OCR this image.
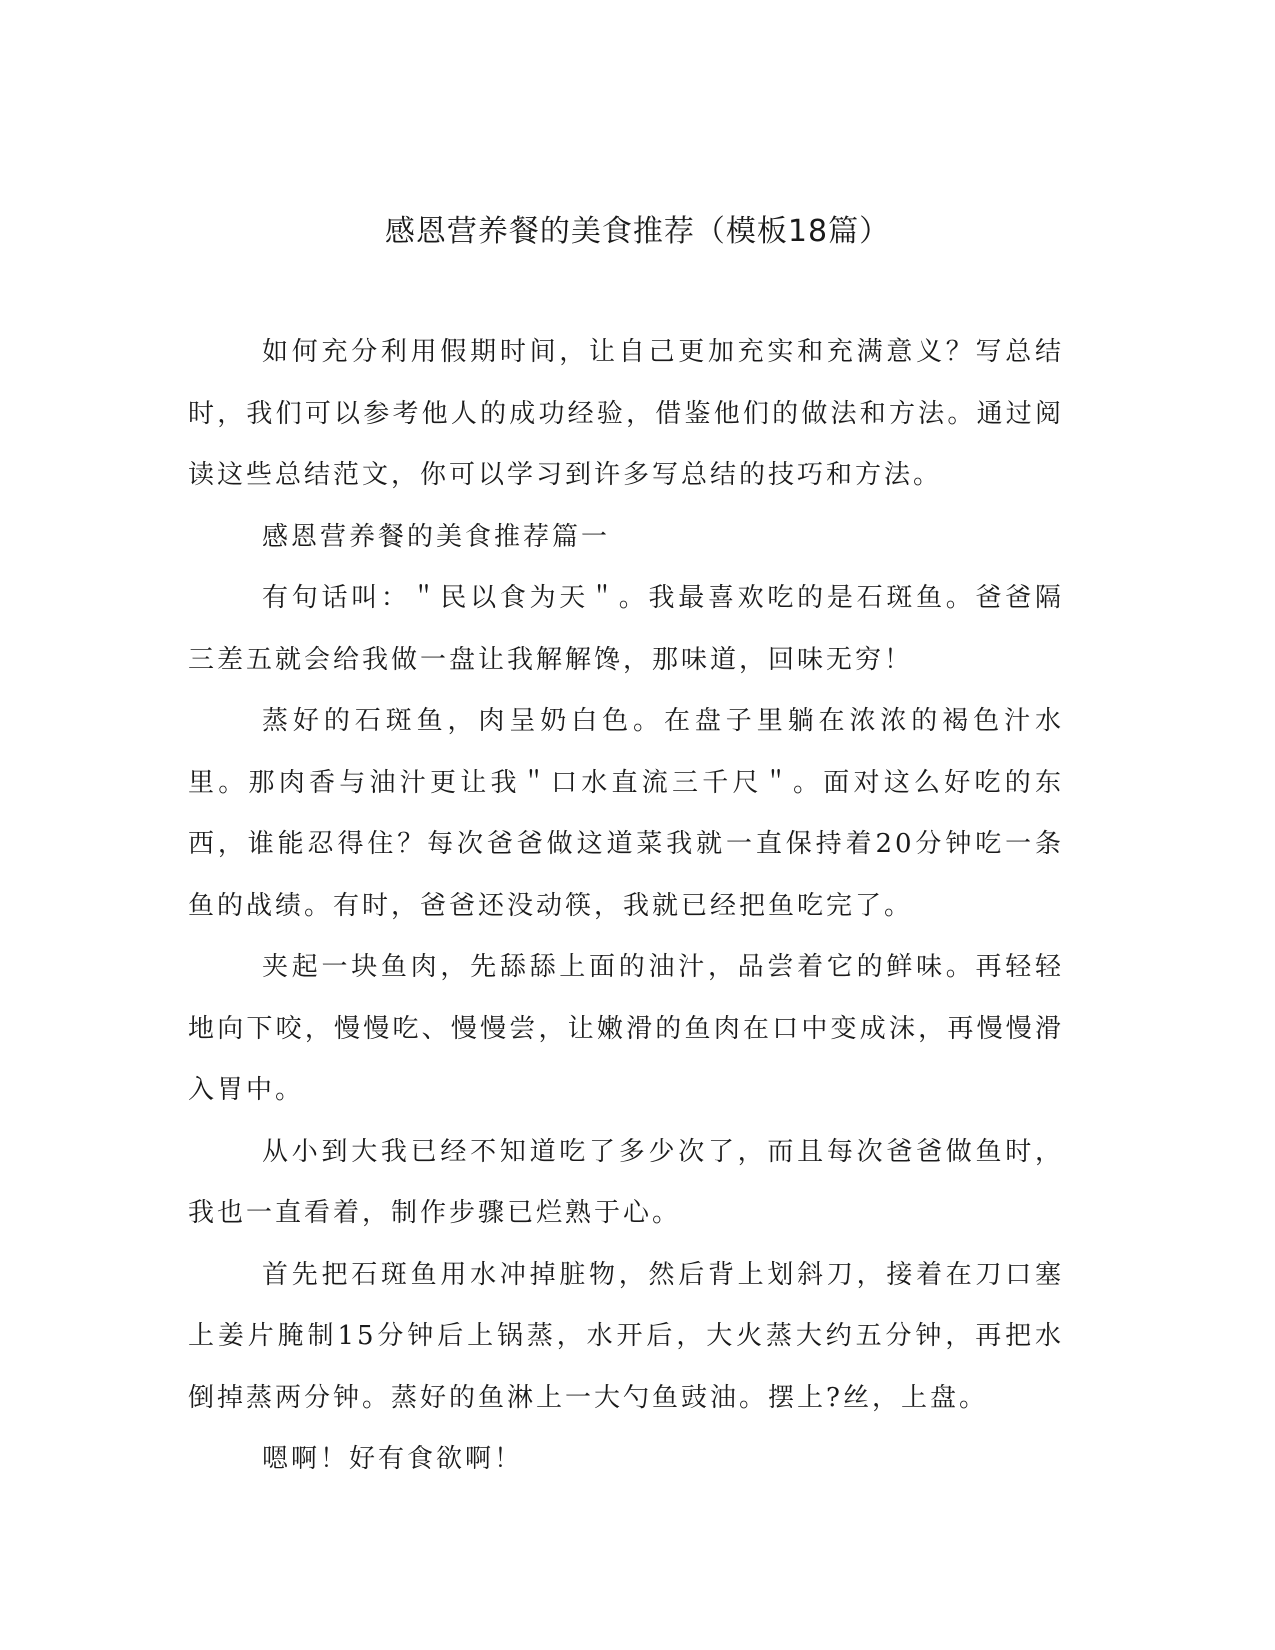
感恩营养餐的美食推荐（模板18篇）

如何充分利用假期时间，让自己更加充实和充满意义？写总结时，我们可以参考他人的成功经验，借鉴他们的做法和方法。通过阅读这些总结范文，你可以学习到许多写总结的技巧和方法。

感恩营养餐的美食推荐篇一

有句话叫：＂民以食为天＂。我最喜欢吃的是石斑鱼。爸爸隔三差五就会给我做一盘让我解解馋，那味道，回味无穷！

蒸好的石斑鱼，肉呈奶白色。在盘子里躺在浓浓的褐色汁水里。那肉香与油汁更让我＂口水直流三千尺＂。面对这么好吃的东西，谁能忍得住？每次爸爸做这道菜我就一直保持着20分钟吃一条鱼的战绩。有时，爸爸还没动筷，我就已经把鱼吃完了。

夹起一块鱼肉，先舔舔上面的油汁，品尝着它的鲜味。再轻轻地向下咬，慢慢吃、慢慢尝，让嫩滑的鱼肉在口中变成沫，再慢慢滑入胃中。

从小到大我已经不知道吃了多少次了，而且每次爸爸做鱼时，我也一直看着，制作步骤已烂熟于心。

首先把石斑鱼用水冲掉脏物，然后背上划斜刀，接着在刀口塞上姜片腌制15分钟后上锅蒸，水开后，大火蒸大约五分钟，再把水倒掉蒸两分钟。蒸好的鱼淋上一大勺鱼豉油。摆上?丝，上盘。

嗯啊！好有食欲啊！
